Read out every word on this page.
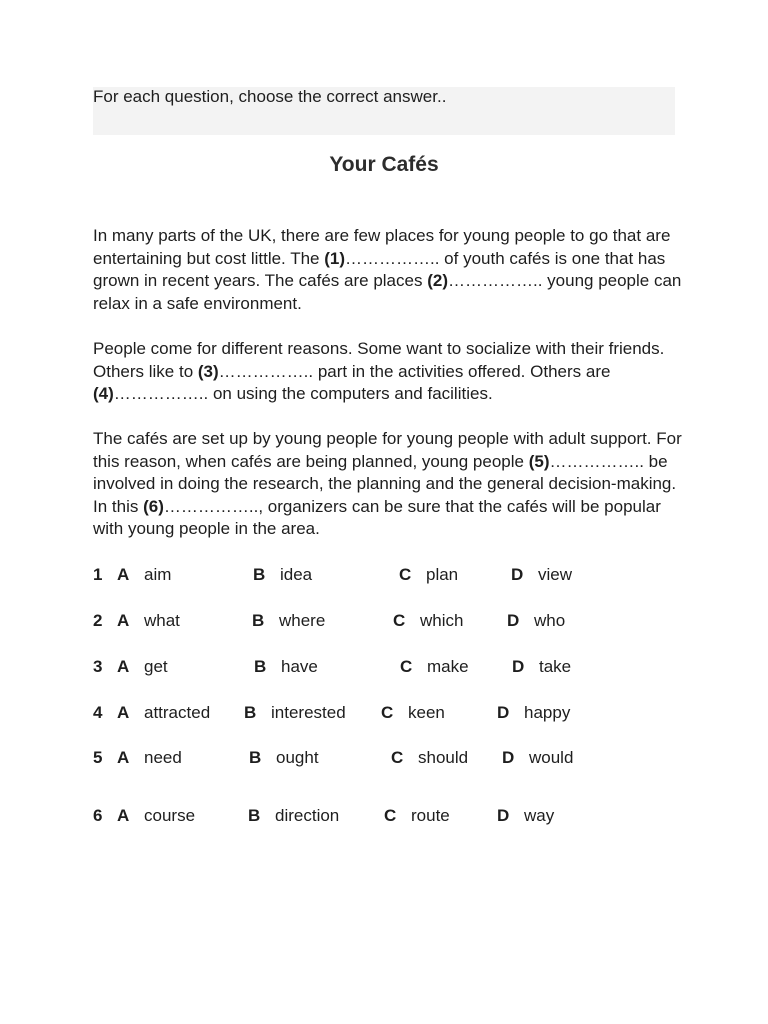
For each question, choose the correct answer..
Your Cafés

In many parts of the UK, there are few places for young people to go that are entertaining but cost little. The (1)…………….. of youth cafés is one that has grown in recent years. The cafés are places (2)…………….. young people can relax in a safe environment.

People come for different reasons. Some want to socialize with their friends. Others like to (3)…………….. part in the activities offered. Others are (4)…………….. on using the computers and facilities.

The cafés are set up by young people for young people with adult support. For this reason, when cafés are being planned, young people (5)…………….. be involved in doing the research, the planning and the general decision-making. In this (6)…………….., organizers can be sure that the cafés will be popular with young people in the area.

1 A aim	B idea	C plan	D view
2 A what	B where	C which	D who
3 A get	B have	C make	D take
4 A attracted B interested C keen	D happy
5 A need	B ought	C should D would
6 A course	B direction	C route	D way
